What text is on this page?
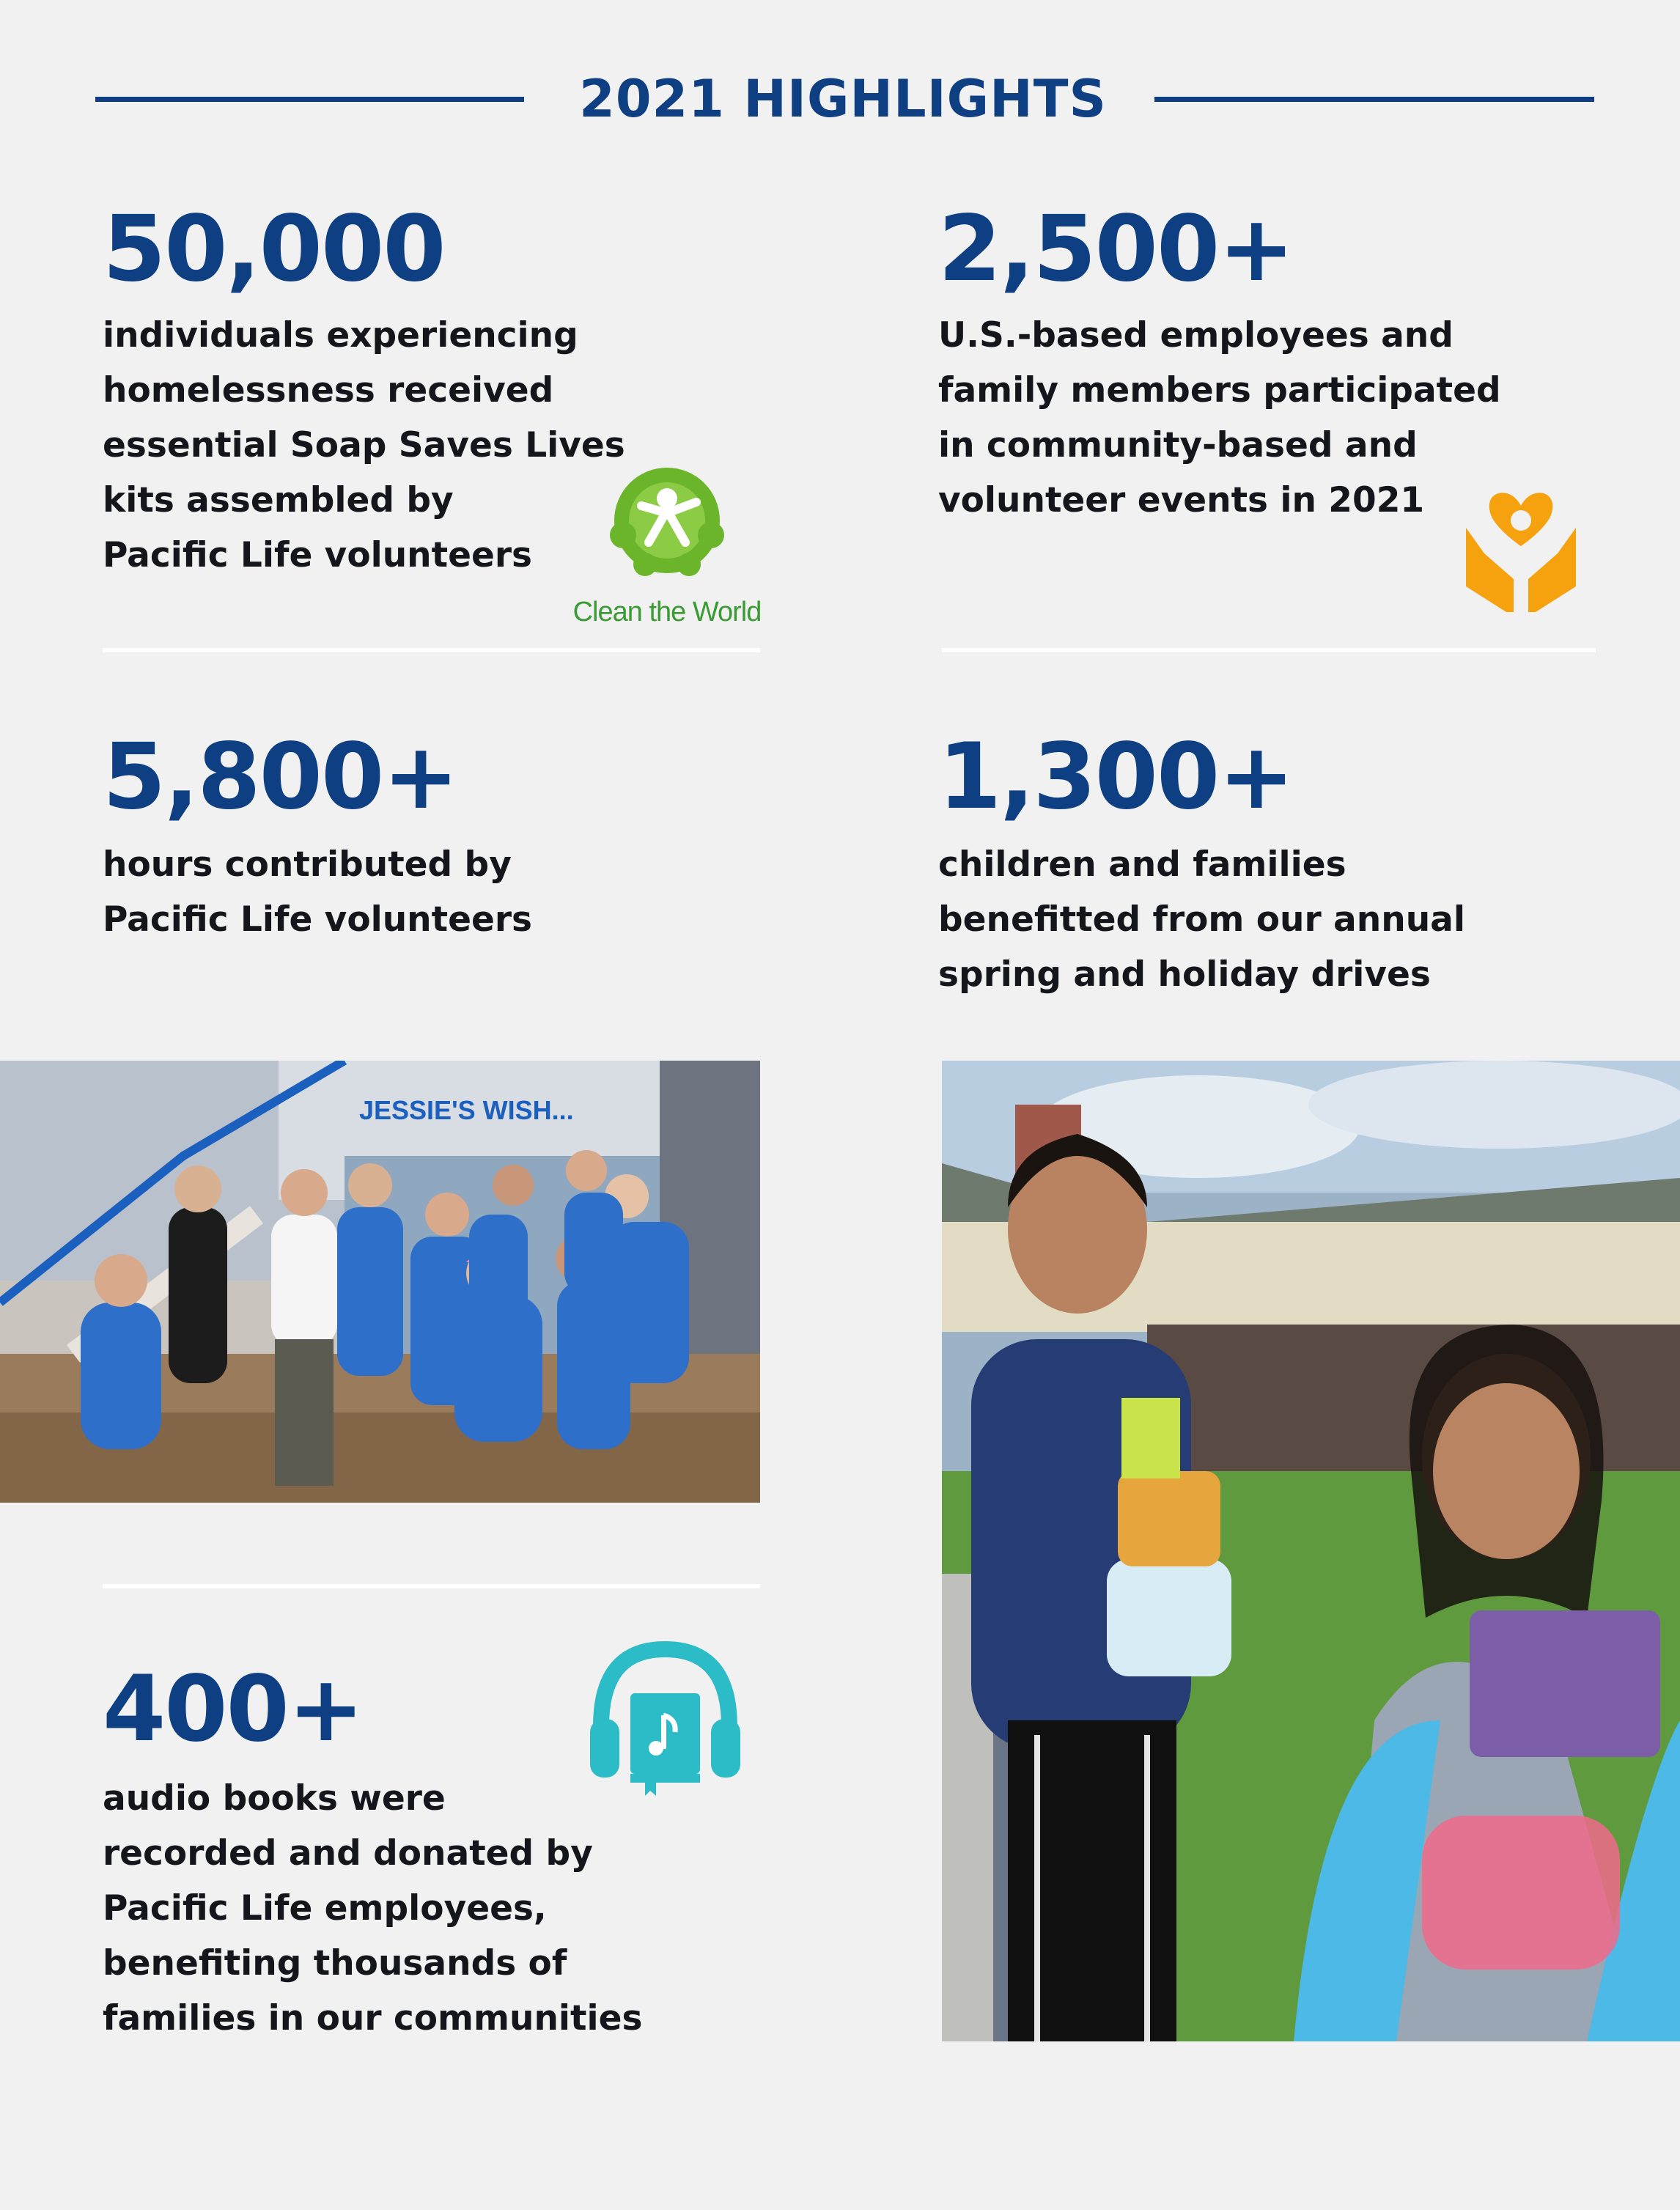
2021 HIGHLIGHTS
50,000
individuals experiencing
homelessness received
essential Soap Saves Lives
kits assembled by
Pacific Life volunteers
Clean the World
2,500+
U.S.-based employees and
family members participated
in community-based and
volunteer events in 2021
5,800+
hours contributed by
Pacific Life volunteers
1,300+
children and families
benefitted from our annual
spring and holiday drives
JESSIE'S WISH...
400+
audio books were
recorded and donated by
Pacific Life employees,
benefiting thousands of
families in our communities
